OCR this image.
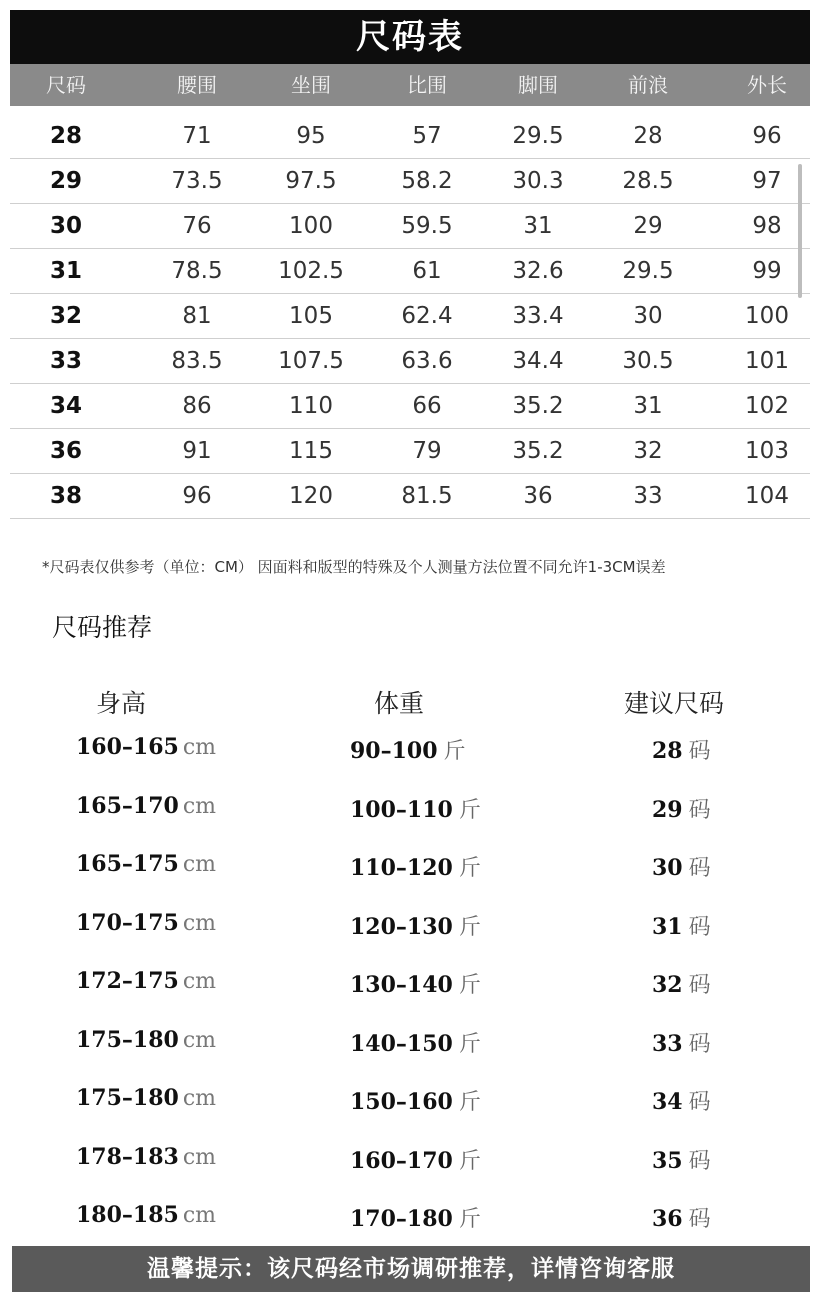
尺码表
尺码	腰围	坐围	比围	脚围	前浪	外长
28	71	95	57	29.5	28	96
29	73.5	97.5	58.2	30.3	28.5	97
30	76	100	59.5	31	29	98
31	78.5	102.5	61	32.6	29.5	99
32	81	105	62.4	33.4	30	100
33	83.5	107.5	63.6	34.4	30.5	101
34	86	110	66	35.2	31	102
36	91	115	79	35.2	32	103
38	96	120	81.5	36	33	104
*尺码表仅供参考（单位：CM） 因面料和版型的特殊及个人测量方法位置不同允许1-3CM误差
尺码推荐
身高	体重	建议尺码
160–165 cm	90–100 斤	28 码
165–170 cm	100–110 斤	29 码
165–175 cm	110–120 斤	30 码
170–175 cm	120–130 斤	31 码
172–175 cm	130–140 斤	32 码
175–180 cm	140–150 斤	33 码
175–180 cm	150–160 斤	34 码
178–183 cm	160–170 斤	35 码
180–185 cm	170–180 斤	36 码
温馨提示：该尺码经市场调研推荐，详情咨询客服
